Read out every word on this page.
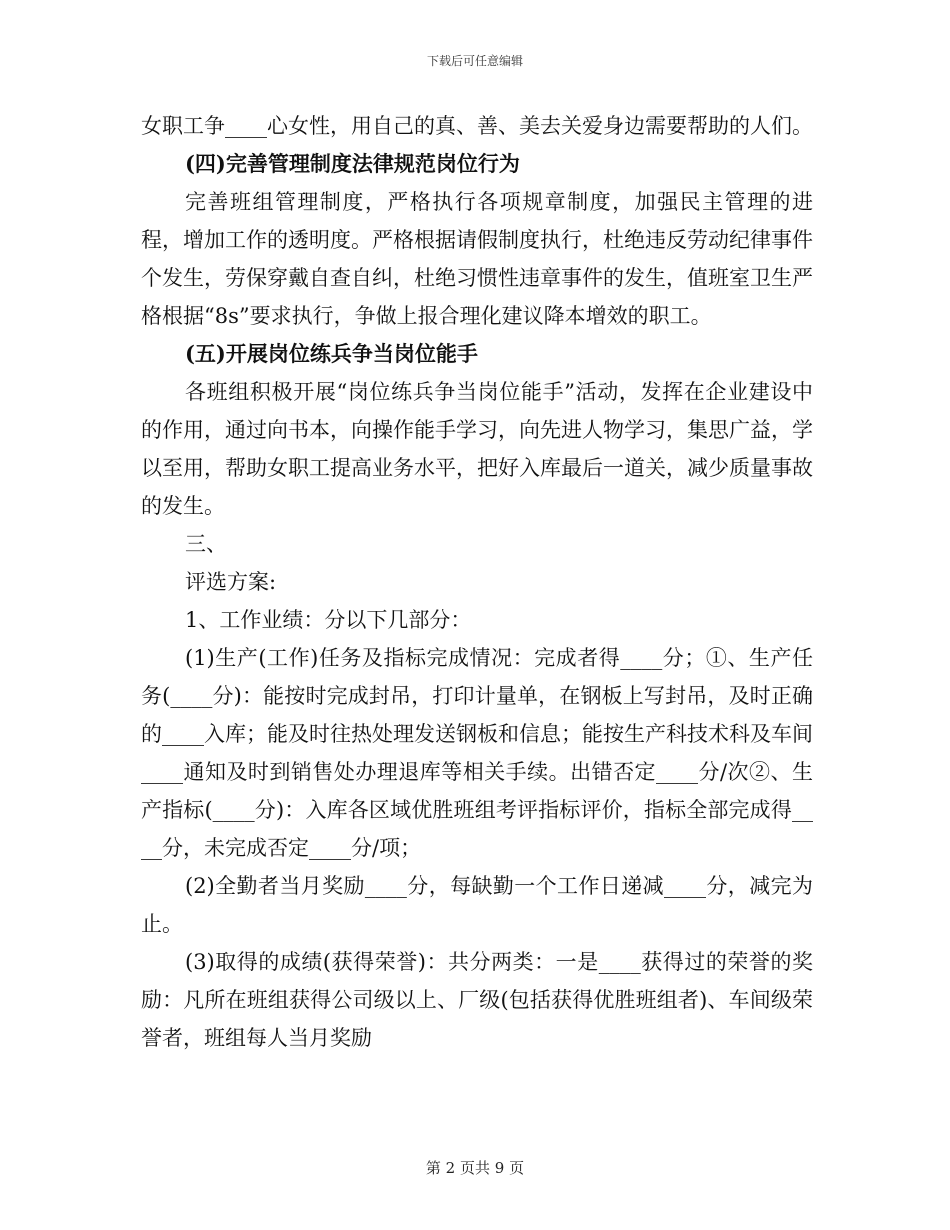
下载后可任意编辑

女职工争____心女性，用自己的真、善、美去关爱身边需要帮助的人们。

(四)完善管理制度法律规范岗位行为

完善班组管理制度，严格执行各项规章制度，加强民主管理的进程，增加工作的透明度。严格根据请假制度执行，杜绝违反劳动纪律事件个发生，劳保穿戴自查自纠，杜绝习惯性违章事件的发生，值班室卫生严格根据“8s”要求执行，争做上报合理化建议降本增效的职工。

(五)开展岗位练兵争当岗位能手

各班组积极开展“岗位练兵争当岗位能手”活动，发挥在企业建设中的作用，通过向书本，向操作能手学习，向先进人物学习，集思广益，学以至用，帮助女职工提高业务水平，把好入库最后一道关，减少质量事故的发生。

三、

评选方案:

1、工作业绩：分以下几部分：

(1)生产(工作)任务及指标完成情况：完成者得____分；①、生产任务(____分)：能按时完成封吊，打印计量单，在钢板上写封吊，及时正确的____入库；能及时往热处理发送钢板和信息；能按生产科技术科及车间____通知及时到销售处办理退库等相关手续。出错否定____分/次②、生产指标(____分)：入库各区域优胜班组考评指标评价，指标全部完成得____分，未完成否定____分/项；

(2)全勤者当月奖励____分，每缺勤一个工作日递减____分，减完为止。

(3)取得的成绩(获得荣誉)：共分两类：一是____获得过的荣誉的奖励：凡所在班组获得公司级以上、厂级(包括获得优胜班组者)、车间级荣誉者，班组每人当月奖励

第 2 页共 9 页
